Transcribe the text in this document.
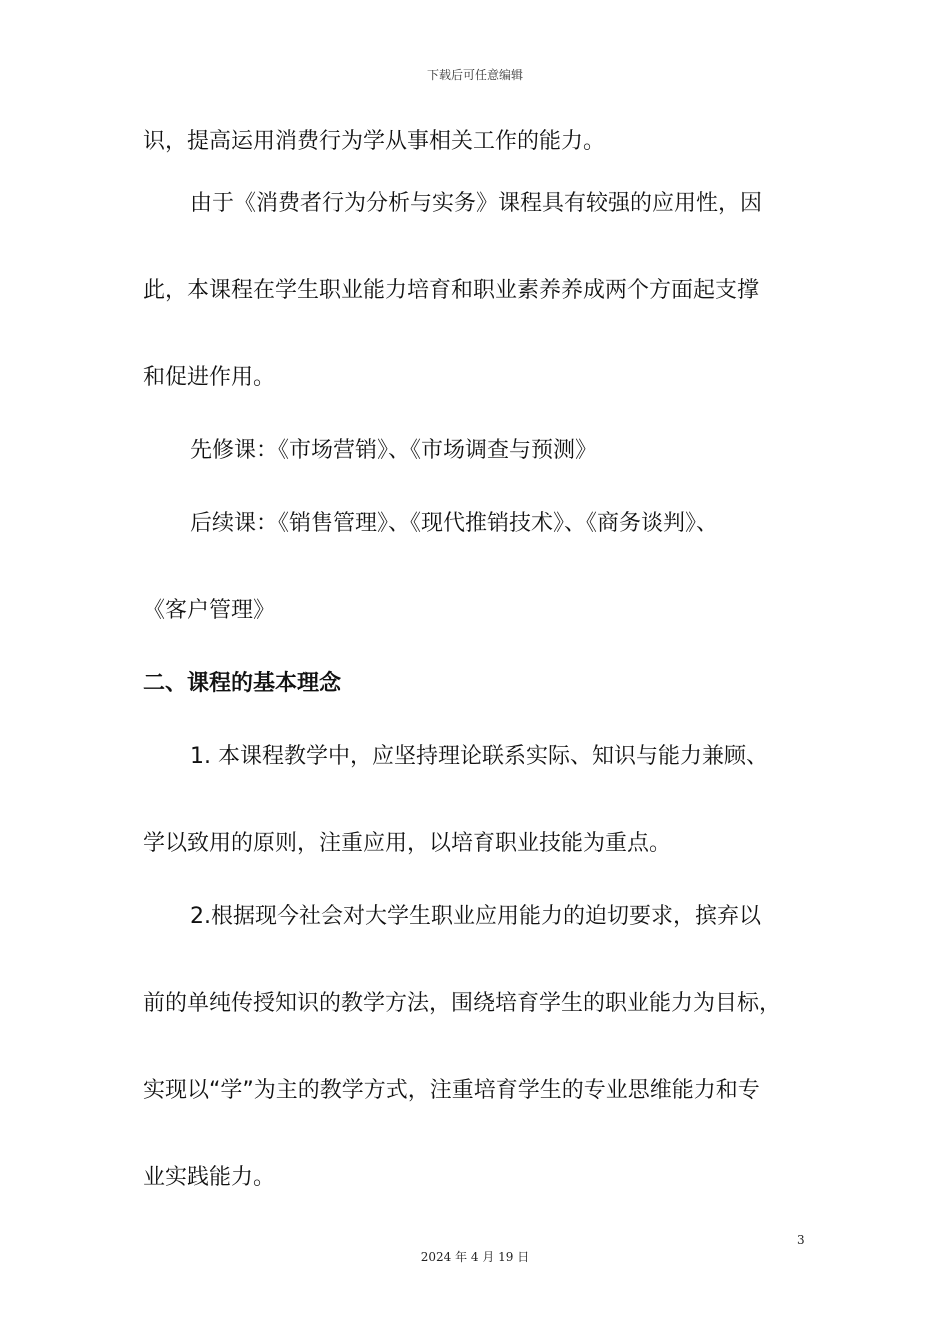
下载后可任意编辑
识，提高运用消费行为学从事相关工作的能力。
由于《消费者行为分析与实务》课程具有较强的应用性，因
此，本课程在学生职业能力培育和职业素养养成两个方面起支撑
和促进作用。
先修课：《市场营销》、《市场调查与预测》
后续课：《销售管理》、《现代推销技术》、《商务谈判》、
《客户管理》
二、课程的基本理念
1. 本课程教学中，应坚持理论联系实际、知识与能力兼顾、
学以致用的原则，注重应用，以培育职业技能为重点。
2.根据现今社会对大学生职业应用能力的迫切要求，摈弃以
前的单纯传授知识的教学方法，围绕培育学生的职业能力为目标，
实现以“学”为主的教学方式，注重培育学生的专业思维能力和专
业实践能力。
3
2024 年 4 月 19 日
